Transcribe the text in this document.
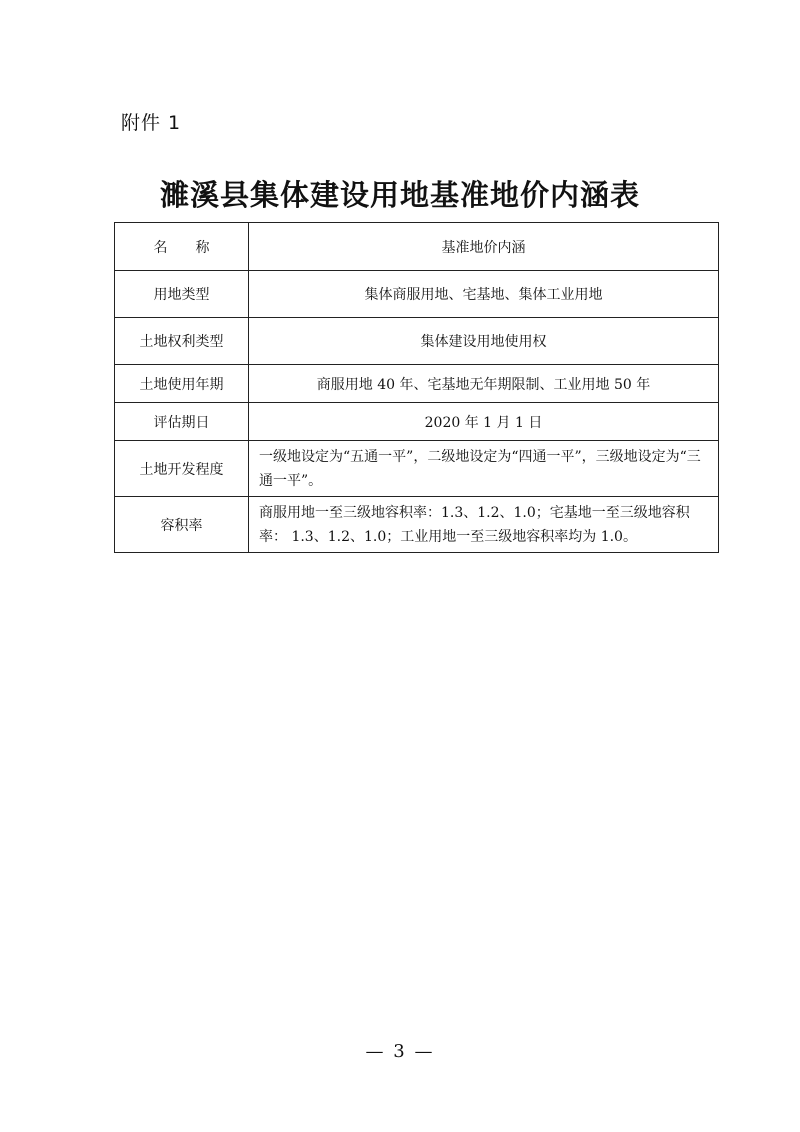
附件 1
濉溪县集体建设用地基准地价内涵表
名称	基准地价内涵
用地类型	集体商服用地、宅基地、集体工业用地
土地权利类型	集体建设用地使用权
土地使用年期	商服用地 40 年、宅基地无年期限制、工业用地 50 年
评估期日	2020 年 1 月 1 日
土地开发程度	一级地设定为“五通一平”，二级地设定为“四通一平”，三级地设定为“三通一平”。
容积率	商服用地一至三级地容积率：1.3、1.2、1.0；宅基地一至三级地容积率： 1.3、1.2、1.0；工业用地一至三级地容积率均为 1.0。
— 3 —
